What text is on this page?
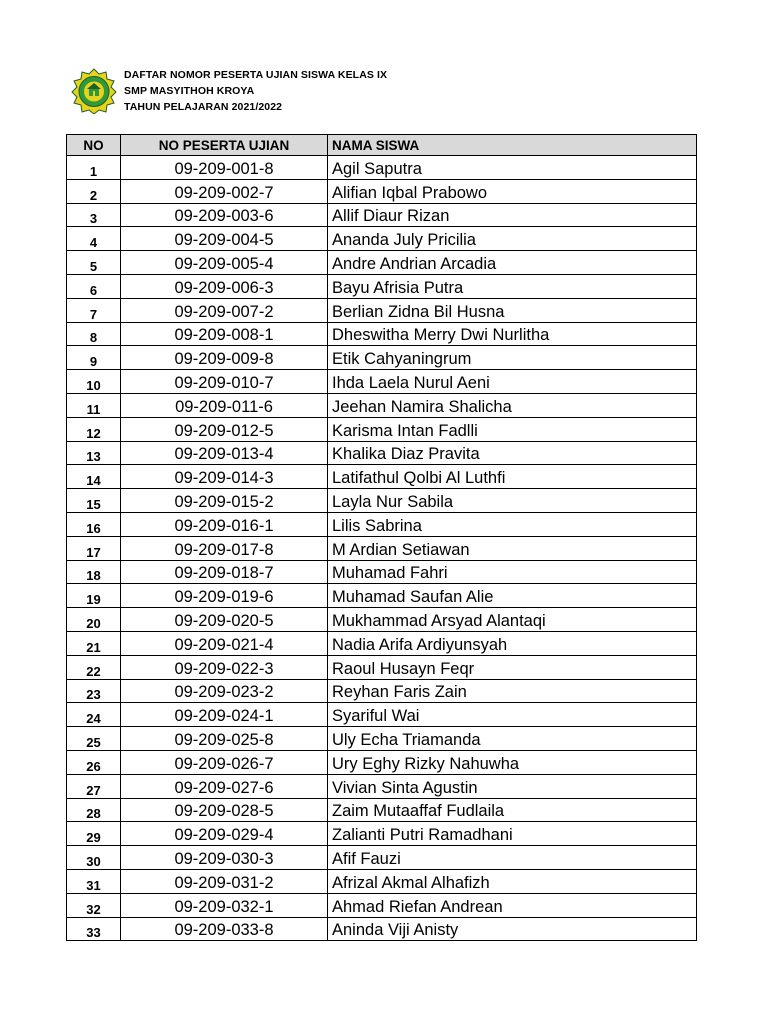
DAFTAR NOMOR PESERTA UJIAN SISWA KELAS IX
SMP MASYITHOH KROYA
TAHUN PELAJARAN 2021/2022
NO	NO PESERTA UJIAN	NAMA SISWA
1	09-209-001-8	Agil Saputra
2	09-209-002-7	Alifian Iqbal Prabowo
3	09-209-003-6	Allif Diaur Rizan
4	09-209-004-5	Ananda July Pricilia
5	09-209-005-4	Andre Andrian Arcadia
6	09-209-006-3	Bayu Afrisia Putra
7	09-209-007-2	Berlian Zidna Bil Husna
8	09-209-008-1	Dheswitha Merry Dwi Nurlitha
9	09-209-009-8	Etik Cahyaningrum
10	09-209-010-7	Ihda Laela Nurul Aeni
11	09-209-011-6	Jeehan Namira Shalicha
12	09-209-012-5	Karisma Intan Fadlli
13	09-209-013-4	Khalika Diaz Pravita
14	09-209-014-3	Latifathul Qolbi Al Luthfi
15	09-209-015-2	Layla Nur Sabila
16	09-209-016-1	Lilis Sabrina
17	09-209-017-8	M Ardian Setiawan
18	09-209-018-7	Muhamad Fahri
19	09-209-019-6	Muhamad Saufan Alie
20	09-209-020-5	Mukhammad Arsyad Alantaqi
21	09-209-021-4	Nadia Arifa Ardiyunsyah
22	09-209-022-3	Raoul Husayn Feqr
23	09-209-023-2	Reyhan Faris Zain
24	09-209-024-1	Syariful Wai
25	09-209-025-8	Uly Echa Triamanda
26	09-209-026-7	Ury Eghy Rizky Nahuwha
27	09-209-027-6	Vivian Sinta Agustin
28	09-209-028-5	Zaim Mutaaffaf Fudlaila
29	09-209-029-4	Zalianti Putri Ramadhani
30	09-209-030-3	Afif Fauzi
31	09-209-031-2	Afrizal Akmal Alhafizh
32	09-209-032-1	Ahmad Riefan Andrean
33	09-209-033-8	Aninda Viji Anisty
